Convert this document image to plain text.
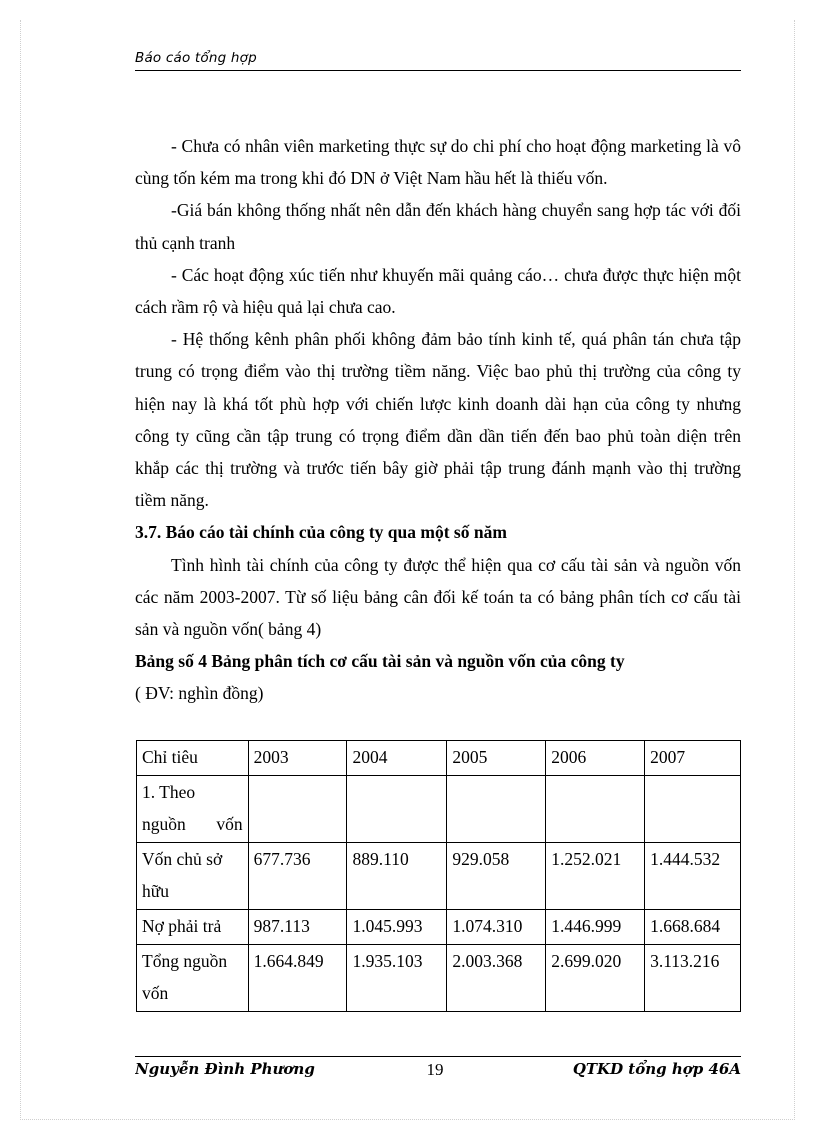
Báo cáo tổng hợp

- Chưa có nhân viên marketing thực sự do chi phí cho hoạt động marketing là vô cùng tốn kém ma trong khi đó DN ở Việt Nam hầu hết là thiếu vốn.

-Giá bán không thống nhất nên dẫn đến khách hàng chuyển sang hợp tác với đối thủ cạnh tranh

- Các hoạt động xúc tiến như khuyến mãi quảng cáo… chưa được thực hiện một cách rầm rộ và hiệu quả lại chưa cao.

- Hệ thống kênh phân phối không đảm bảo tính kinh tế, quá phân tán chưa tập trung có trọng điểm vào thị trường tiềm năng. Việc bao phủ thị trường của công ty hiện nay là khá tốt phù hợp với chiến lược kinh doanh dài hạn của công ty nhưng công ty cũng cần tập trung có trọng điểm dần dần tiến đến bao phủ toàn diện trên khắp các thị trường và trước tiến bây giờ phải tập trung đánh mạnh vào thị trường tiềm năng.

3.7. Báo cáo tài chính của công ty qua một số năm

Tình hình tài chính của công ty được thể hiện qua cơ cấu tài sản và nguồn vốn các năm 2003-2007. Từ số liệu bảng cân đối kế toán ta có bảng phân tích cơ cấu tài sản và nguồn vốn( bảng 4)

Bảng số 4 Bảng phân tích cơ cấu tài sản và nguồn vốn của công ty

( ĐV: nghìn đồng)

Chỉ tiêu	2003	2004	2005	2006	2007
1. Theo nguồn vốn					
Vốn chủ sở hữu	677.736	889.110	929.058	1.252.021	1.444.532
Nợ phải trả	987.113	1.045.993	1.074.310	1.446.999	1.668.684
Tổng nguồn vốn	1.664.849	1.935.103	2.003.368	2.699.020	3.113.216
Nguyễn Đình Phương	19	QTKD tổng hợp 46A
